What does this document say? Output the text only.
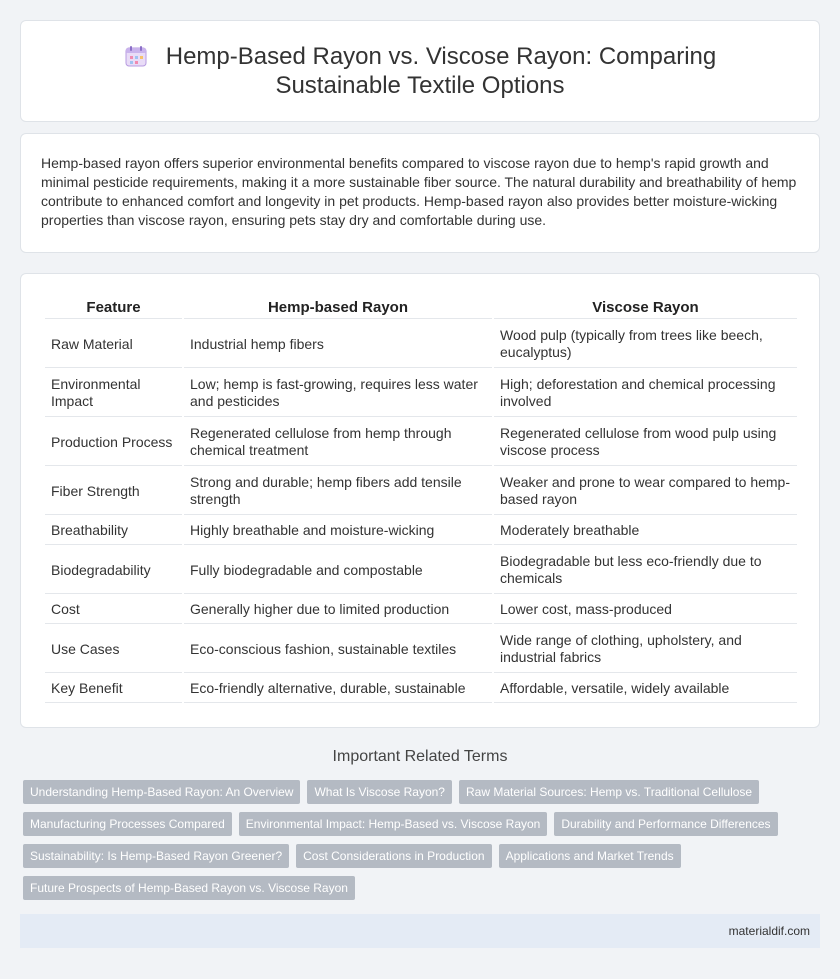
Hemp-Based Rayon vs. Viscose Rayon: Comparing Sustainable Textile Options

Hemp-based rayon offers superior environmental benefits compared to viscose rayon due to hemp's rapid growth and minimal pesticide requirements, making it a more sustainable fiber source. The natural durability and breathability of hemp contribute to enhanced comfort and longevity in pet products. Hemp-based rayon also provides better moisture-wicking properties than viscose rayon, ensuring pets stay dry and comfortable during use.

Feature	Hemp-based Rayon	Viscose Rayon
Raw Material	Industrial hemp fibers	Wood pulp (typically from trees like beech, eucalyptus)
Environmental Impact	Low; hemp is fast-growing, requires less water and pesticides	High; deforestation and chemical processing involved
Production Process	Regenerated cellulose from hemp through chemical treatment	Regenerated cellulose from wood pulp using viscose process
Fiber Strength	Strong and durable; hemp fibers add tensile strength	Weaker and prone to wear compared to hemp-based rayon
Breathability	Highly breathable and moisture-wicking	Moderately breathable
Biodegradability	Fully biodegradable and compostable	Biodegradable but less eco-friendly due to chemicals
Cost	Generally higher due to limited production	Lower cost, mass-produced
Use Cases	Eco-conscious fashion, sustainable textiles	Wide range of clothing, upholstery, and industrial fabrics
Key Benefit	Eco-friendly alternative, durable, sustainable	Affordable, versatile, widely available
Important Related Terms
Understanding Hemp-Based Rayon: An Overview	What Is Viscose Rayon?	Raw Material Sources: Hemp vs. Traditional Cellulose
Manufacturing Processes Compared	Environmental Impact: Hemp-Based vs. Viscose Rayon	Durability and Performance Differences
Sustainability: Is Hemp-Based Rayon Greener?	Cost Considerations in Production	Applications and Market Trends
Future Prospects of Hemp-Based Rayon vs. Viscose Rayon
materialdif.com
